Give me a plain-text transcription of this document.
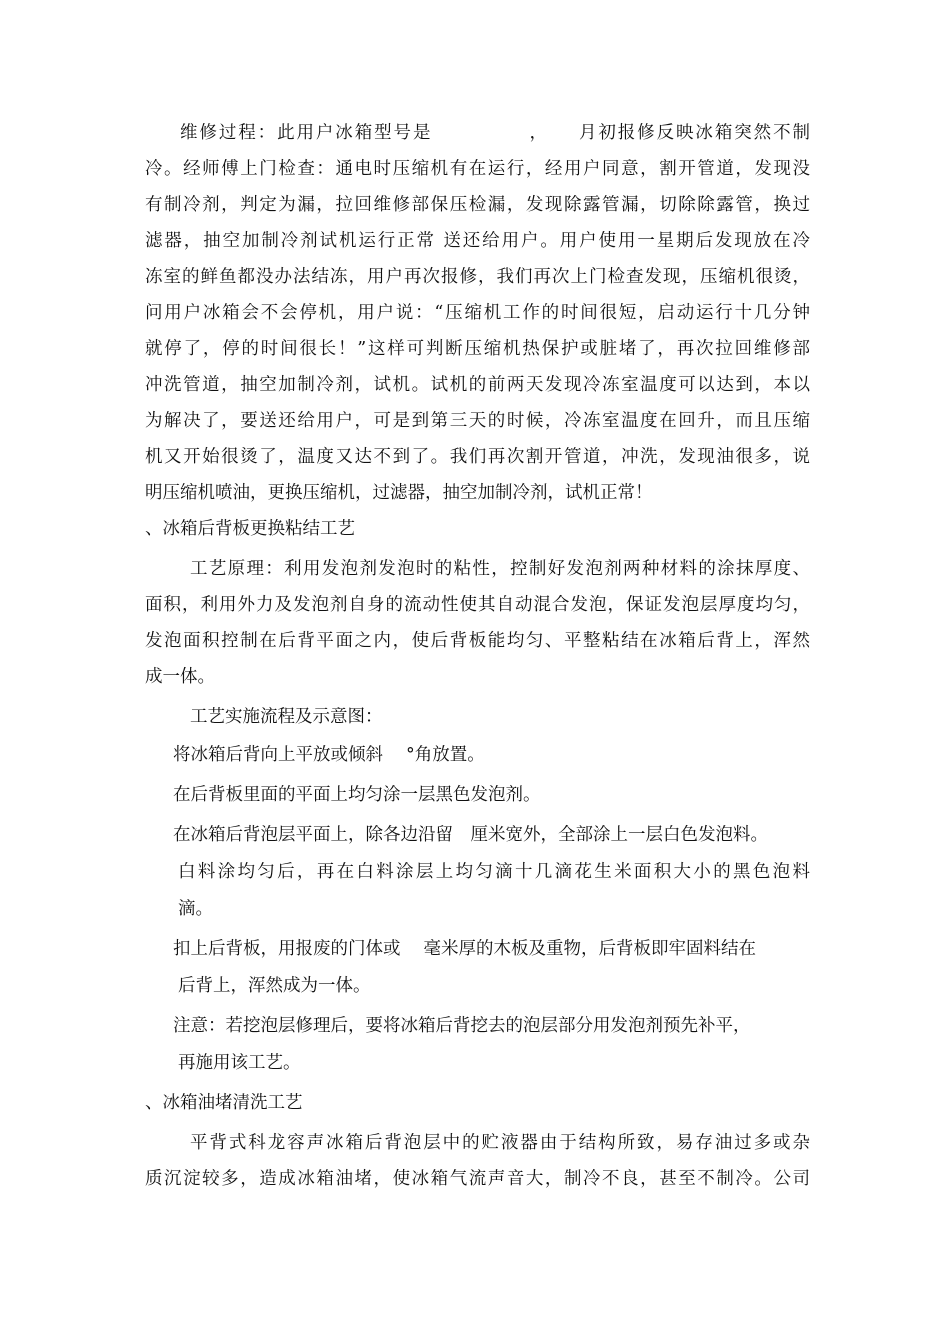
维修过程：此用户冰箱型号是　　　　　，　　月初报修反映冰箱突然不制
冷。经师傅上门检查：通电时压缩机有在运行，经用户同意，割开管道，发现没
有制冷剂，判定为漏，拉回维修部保压检漏，发现除露管漏，切除除露管，换过
滤器，抽空加制冷剂试机运行正常 送还给用户。用户使用一星期后发现放在冷
冻室的鲜鱼都没办法结冻，用户再次报修，我们再次上门检查发现，压缩机很烫，
问用户冰箱会不会停机，用户说：“压缩机工作的时间很短，启动运行十几分钟
就停了，停的时间很长！”这样可判断压缩机热保护或脏堵了，再次拉回维修部
冲洗管道，抽空加制冷剂，试机。试机的前两天发现冷冻室温度可以达到，本以
为解决了，要送还给用户，可是到第三天的时候，冷冻室温度在回升，而且压缩
机又开始很烫了，温度又达不到了。我们再次割开管道，冲洗，发现油很多，说
明压缩机喷油，更换压缩机，过滤器，抽空加制冷剂，试机正常！
、冰箱后背板更换粘结工艺
工艺原理：利用发泡剂发泡时的粘性，控制好发泡剂两种材料的涂抹厚度、
面积，利用外力及发泡剂自身的流动性使其自动混合发泡，保证发泡层厚度均匀，
发泡面积控制在后背平面之内，使后背板能均匀、平整粘结在冰箱后背上，浑然
成一体。
工艺实施流程及示意图：
将冰箱后背向上平放或倾斜　 °角放置。
在后背板里面的平面上均匀涂一层黑色发泡剂。
在冰箱后背泡层平面上，除各边沿留　厘米宽外，全部涂上一层白色发泡料。
白料涂均匀后，再在白料涂层上均匀滴十几滴花生米面积大小的黑色泡料
滴。
扣上后背板，用报废的门体或　 毫米厚的木板及重物，后背板即牢固料结在
后背上，浑然成为一体。
注意：若挖泡层修理后，要将冰箱后背挖去的泡层部分用发泡剂预先补平，
再施用该工艺。
、冰箱油堵清洗工艺
平背式科龙容声冰箱后背泡层中的贮液器由于结构所致，易存油过多或杂
质沉淀较多，造成冰箱油堵，使冰箱气流声音大，制冷不良，甚至不制冷。公司
